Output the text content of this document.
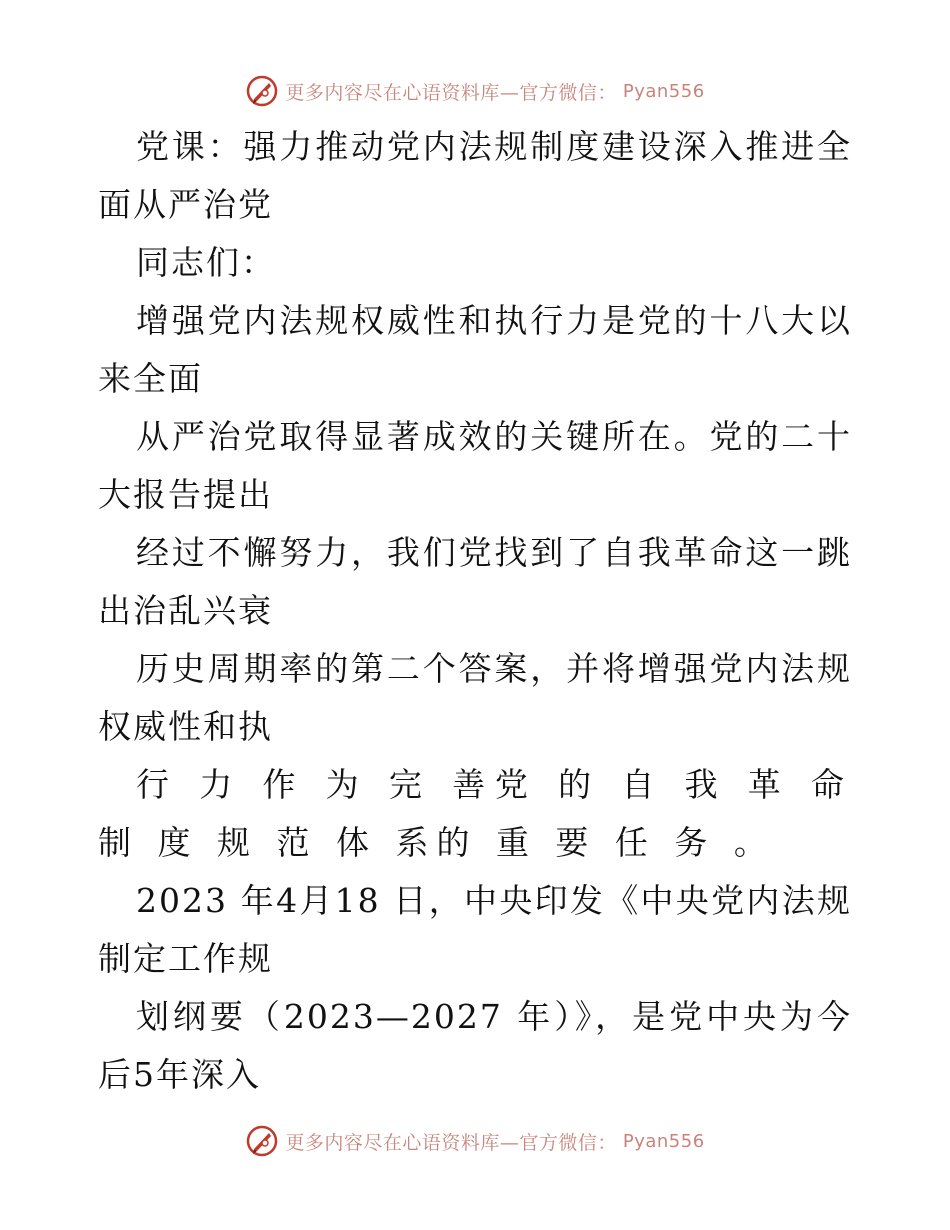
更多内容尽在心语资料库—官方微信： Pyan556

党课：强力推动党内法规制度建设深入推进全面从严治党

同志们：

增强党内法规权威性和执行力是党的十八大以来全面

从严治党取得显著成效的关键所在。党的二十大报告提出

经过不懈努力，我们党找到了自我革命这一跳出治乱兴衰

历史周期率的第二个答案，并将增强党内法规权威性和执

行 力 作 为 完 善党 的 自 我 革 命制 度 规 范 体 系的 重 要 任 务 。

2023 年4月18 日，中央印发《中央党内法规制定工作规

划纲要（2023—2027 年）》，是党中央为今后5年深入

更多内容尽在心语资料库—官方微信： Pyan556
